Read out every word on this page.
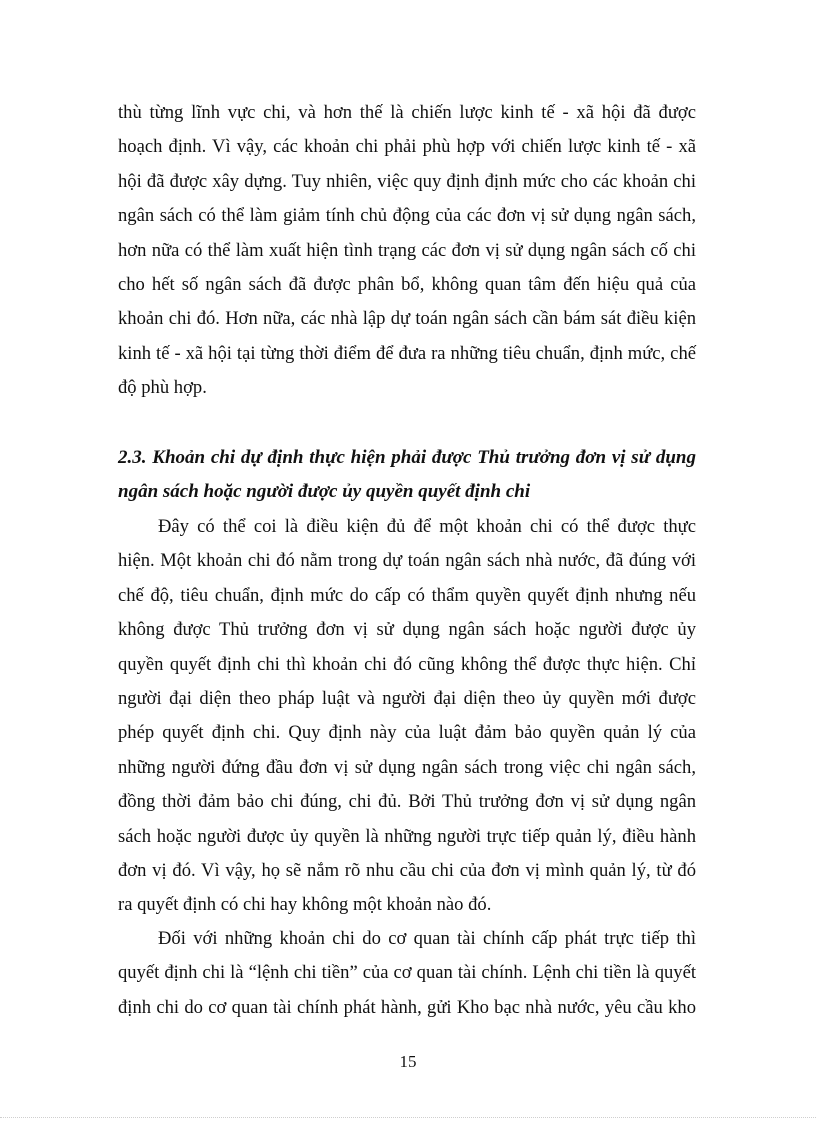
thù từng lĩnh vực chi, và hơn thế là chiến lược kinh tế - xã hội đã được
hoạch định. Vì vậy, các khoản chi phải phù hợp với chiến lược kinh tế - xã
hội đã được xây dựng. Tuy nhiên, việc quy định định mức cho các khoản chi
ngân sách có thể làm giảm tính chủ động của các đơn vị sử dụng ngân sách,
hơn nữa có thể làm xuất hiện tình trạng các đơn vị sử dụng ngân sách cố chi
cho hết số ngân sách đã được phân bổ, không quan tâm đến hiệu quả của
khoản chi đó. Hơn nữa, các nhà lập dự toán ngân sách cần bám sát điều kiện
kinh tế - xã hội tại từng thời điểm để đưa ra những tiêu chuẩn, định mức, chế
độ phù hợp.
2.3. Khoản chi dự định thực hiện phải được Thủ trưởng đơn vị sử dụng
ngân sách hoặc người được ủy quyền quyết định chi
Đây có thể coi là điều kiện đủ để một khoản chi có thể được thực
hiện. Một khoản chi đó nằm trong dự toán ngân sách nhà nước, đã đúng với
chế độ, tiêu chuẩn, định mức do cấp có thẩm quyền quyết định nhưng nếu
không được Thủ trưởng đơn vị sử dụng ngân sách hoặc người được ủy
quyền quyết định chi thì khoản chi đó cũng không thể được thực hiện. Chỉ
người đại diện theo pháp luật và người đại diện theo ủy quyền mới được
phép quyết định chi. Quy định này của luật đảm bảo quyền quản lý của
những người đứng đầu đơn vị sử dụng ngân sách trong việc chi ngân sách,
đồng thời đảm bảo chi đúng, chi đủ. Bởi Thủ trưởng đơn vị sử dụng ngân
sách hoặc người được ủy quyền là những người trực tiếp quản lý, điều hành
đơn vị đó. Vì vậy, họ sẽ nắm rõ nhu cầu chi của đơn vị mình quản lý, từ đó
ra quyết định có chi hay không một khoản nào đó.
Đối với những khoản chi do cơ quan tài chính cấp phát trực tiếp thì
quyết định chi là “lệnh chi tiền” của cơ quan tài chính. Lệnh chi tiền là quyết
định chi do cơ quan tài chính phát hành, gửi Kho bạc nhà nước, yêu cầu kho
15
